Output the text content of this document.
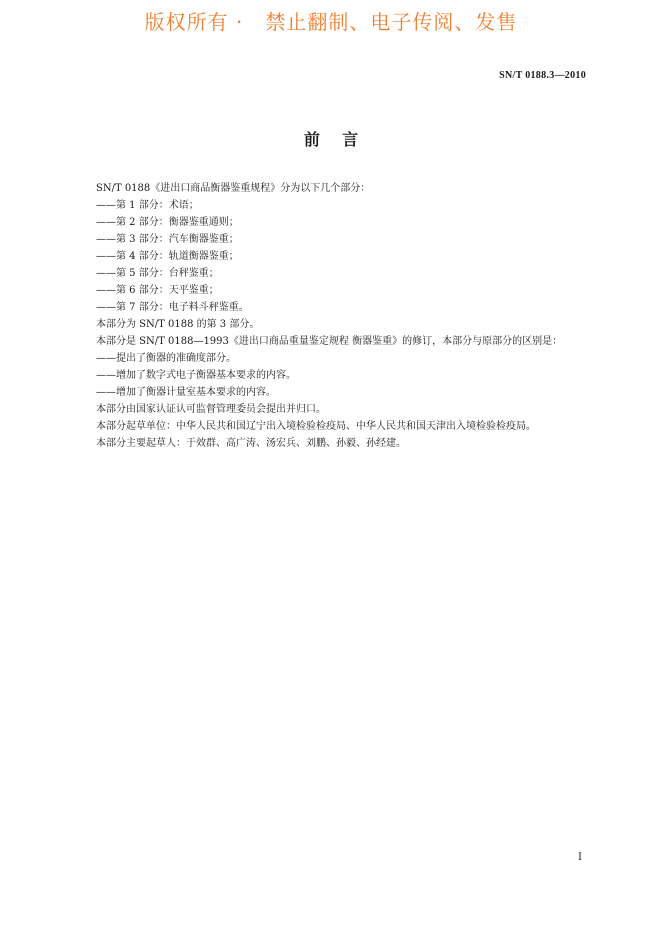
版权所有 ·   禁止翻制、电子传阅、发售
SN/T 0188.3—2010
前    言

SN/T 0188《进出口商品衡器鉴重规程》分为以下几个部分：

——第 1 部分：术语；

——第 2 部分：衡器鉴重通则；

——第 3 部分：汽车衡器鉴重；

——第 4 部分：轨道衡器鉴重；

——第 5 部分：台秤鉴重；

——第 6 部分：天平鉴重；

——第 7 部分：电子料斗秤鉴重。

本部分为 SN/T 0188 的第 3 部分。

本部分是 SN/T 0188—1993《进出口商品重量鉴定规程 衡器鉴重》的修订，本部分与原部分的区别是：

——提出了衡器的准确度部分。

——增加了数字式电子衡器基本要求的内容。

——增加了衡器计量室基本要求的内容。

本部分由国家认证认可监督管理委员会提出并归口。

本部分起草单位：中华人民共和国辽宁出入境检验检疫局、中华人民共和国天津出入境检验检疫局。

本部分主要起草人：于效群、高广涛、汤宏兵、刘鹏、孙毅、孙经建。

I
